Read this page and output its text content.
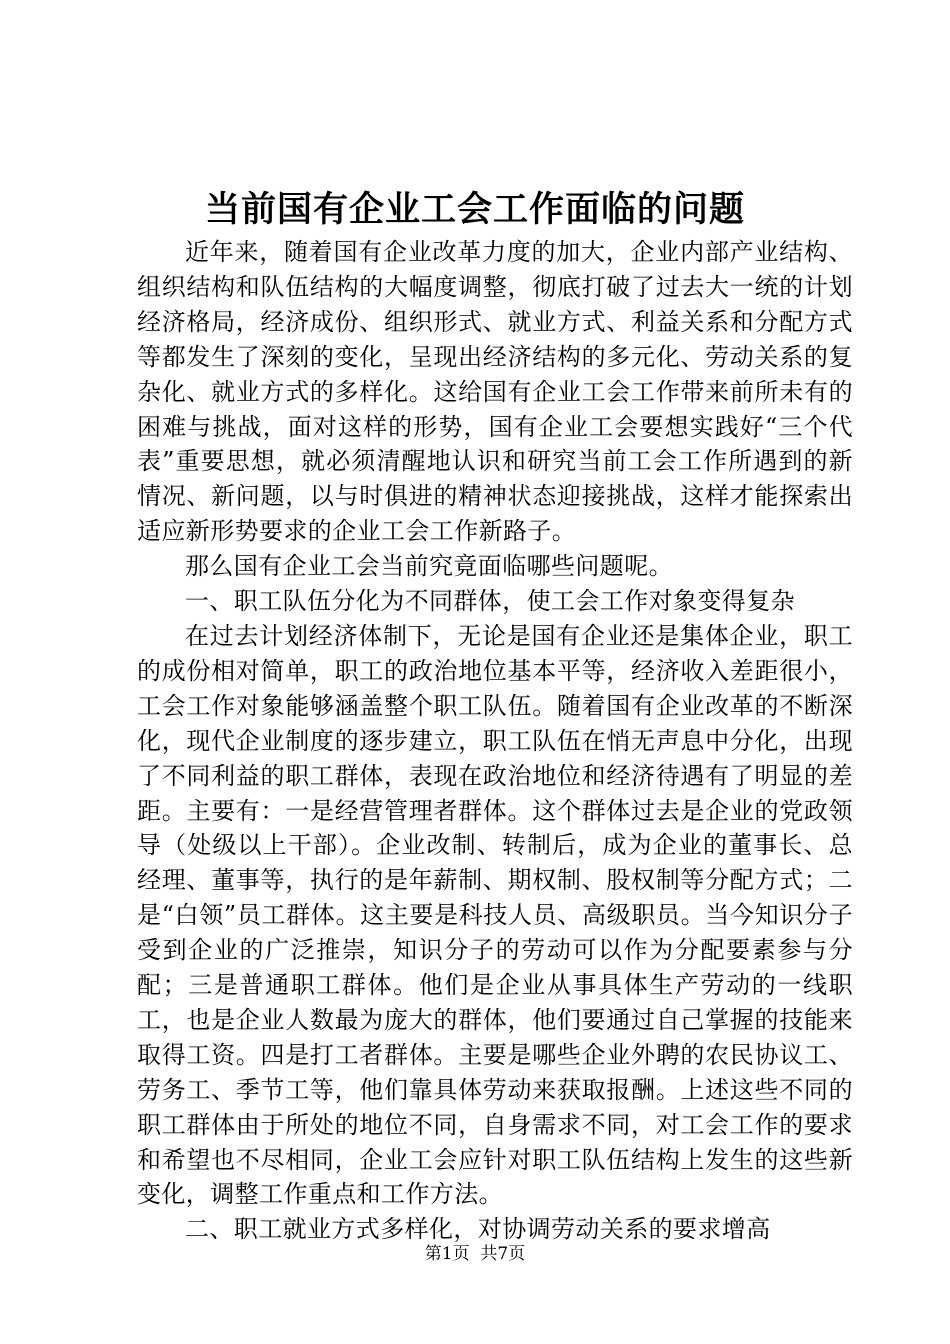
当前国有企业工会工作面临的问题

近年来，随着国有企业改革力度的加大，企业内部产业结构、组织结构和队伍结构的大幅度调整，彻底打破了过去大一统的计划经济格局，经济成份、组织形式、就业方式、利益关系和分配方式等都发生了深刻的变化，呈现出经济结构的多元化、劳动关系的复杂化、就业方式的多样化。这给国有企业工会工作带来前所未有的困难与挑战，面对这样的形势，国有企业工会要想实践好“三个代表”重要思想，就必须清醒地认识和研究当前工会工作所遇到的新情况、新问题，以与时俱进的精神状态迎接挑战，这样才能探索出适应新形势要求的企业工会工作新路子。

那么国有企业工会当前究竟面临哪些问题呢。

一、职工队伍分化为不同群体，使工会工作对象变得复杂

在过去计划经济体制下，无论是国有企业还是集体企业，职工的成份相对简单，职工的政治地位基本平等，经济收入差距很小，工会工作对象能够涵盖整个职工队伍。随着国有企业改革的不断深化，现代企业制度的逐步建立，职工队伍在悄无声息中分化，出现了不同利益的职工群体，表现在政治地位和经济待遇有了明显的差距。主要有：一是经营管理者群体。这个群体过去是企业的党政领导（处级以上干部）。企业改制、转制后，成为企业的董事长、总经理、董事等，执行的是年薪制、期权制、股权制等分配方式；二是“白领”员工群体。这主要是科技人员、高级职员。当今知识分子受到企业的广泛推崇，知识分子的劳动可以作为分配要素参与分配；三是普通职工群体。他们是企业从事具体生产劳动的一线职工，也是企业人数最为庞大的群体，他们要通过自己掌握的技能来取得工资。四是打工者群体。主要是哪些企业外聘的农民协议工、劳务工、季节工等，他们靠具体劳动来获取报酬。上述这些不同的职工群体由于所处的地位不同，自身需求不同，对工会工作的要求和希望也不尽相同，企业工会应针对职工队伍结构上发生的这些新变化，调整工作重点和工作方法。

二、职工就业方式多样化，对协调劳动关系的要求增高

第1页  共7页
